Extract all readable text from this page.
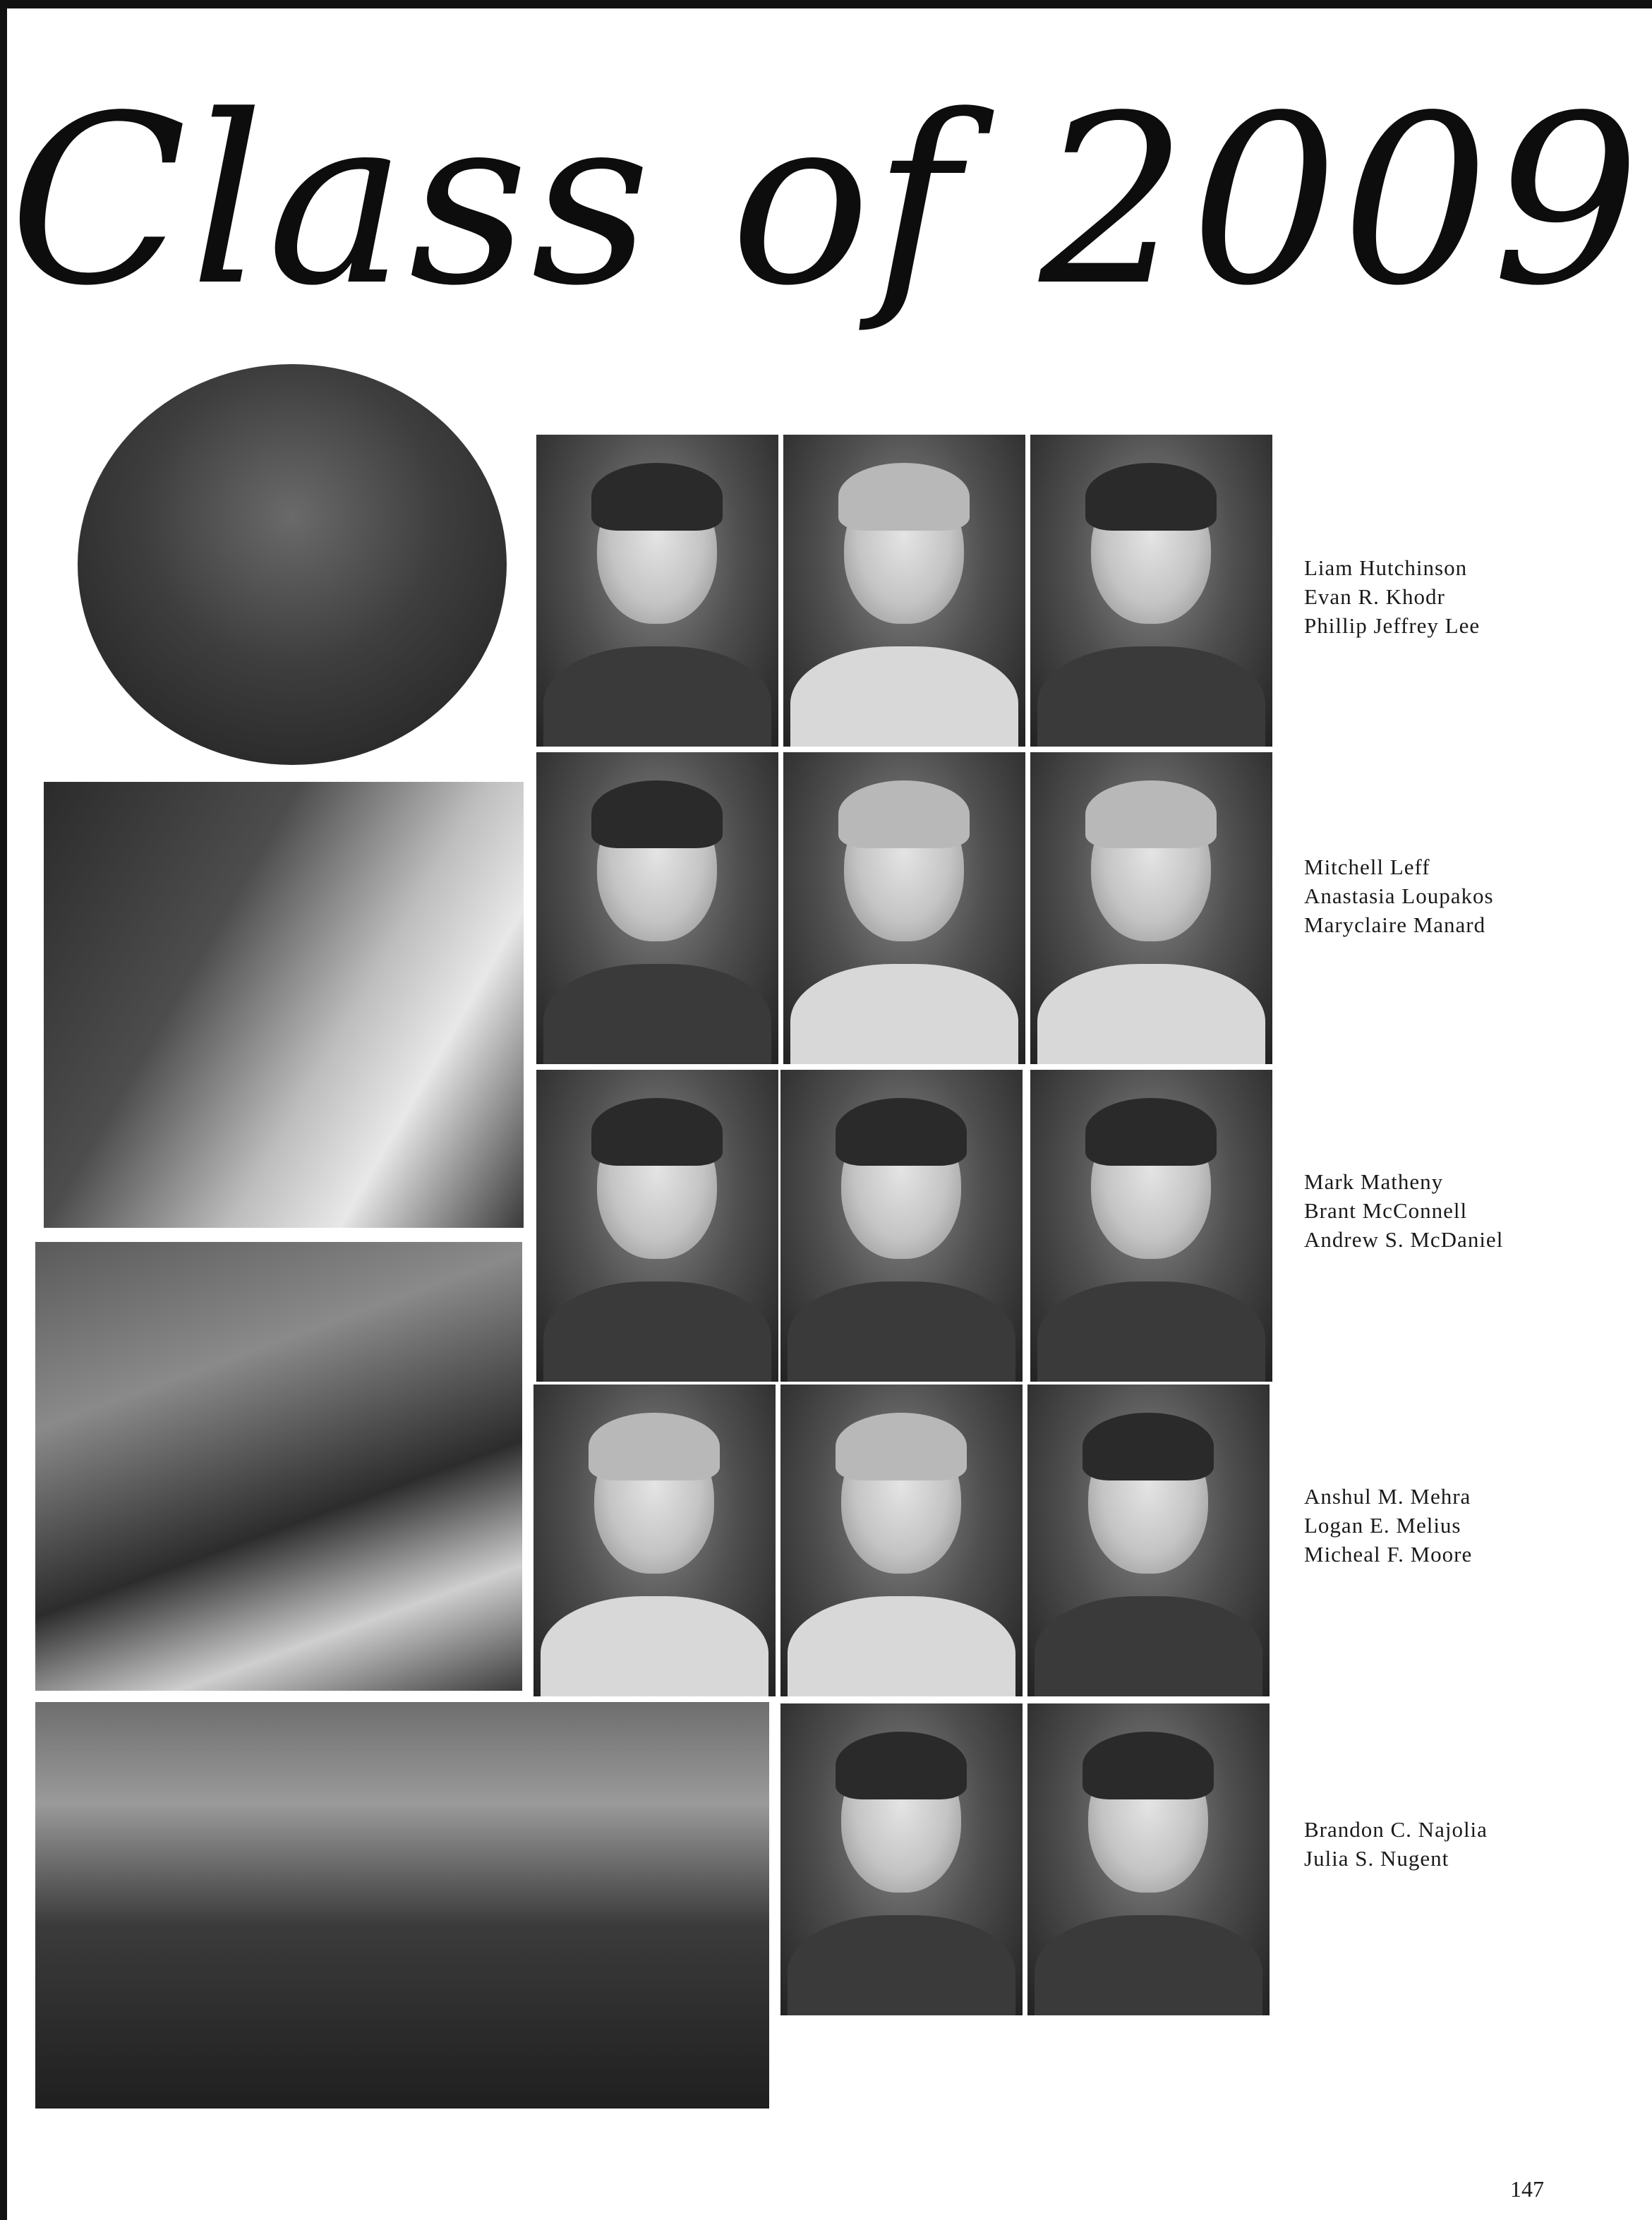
Class of 2009
Liam Hutchinson
Evan R. Khodr
Phillip Jeffrey Lee
Mitchell Leff
Anastasia Loupakos
Maryclaire Manard
Mark Matheny
Brant McConnell
Andrew S. McDaniel
Anshul M. Mehra
Logan E. Melius
Micheal F. Moore
Brandon C. Najolia
Julia S. Nugent
147
